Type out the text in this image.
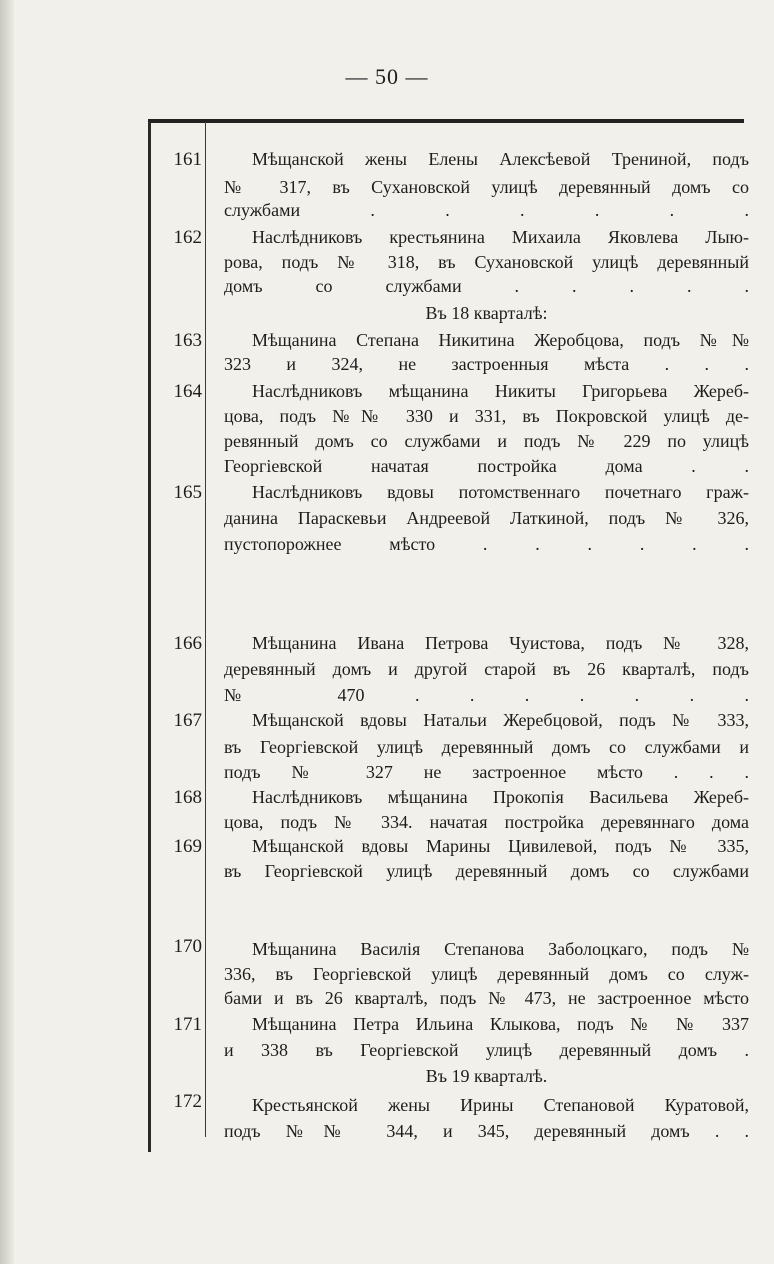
— 50 —
161	Мѣщанской жены Елены Алексѣевой Трениной, подъ
№ 317, въ Сухановской улицѣ деревянный домъ со
службами . . . . . .
162	Наслѣдниковъ крестьянина Михаила Яковлева Лыю-
рова, подъ № 318, въ Сухановской улицѣ деревянный
домъ со службами . . . . .
Въ 18 кварталѣ:
163	Мѣщанина Степана Никитина Жеробцова, подъ №№
323 и 324, не застроенныя мѣста . . .
164	Наслѣдниковъ мѣщанина Никиты Григорьева Жереб-
цова, подъ №№ 330 и 331, въ Покровской улицѣ де-
ревянный домъ со службами и подъ № 229 по улицѣ
Георгіевской начатая постройка дома . .
165	Наслѣдниковъ вдовы потомственнаго почетнаго граж-
данина Параскевьи Андреевой Латкиной, подъ № 326,
пустопорожнее мѣсто . . . . . .
166	Мѣщанина Ивана Петрова Чуистова, подъ № 328,
деревянный домъ и другой старой въ 26 кварталѣ, подъ
№ 470 . . . . . . .
167	Мѣщанской вдовы Натальи Жеребцовой, подъ № 333,
въ Георгіевской улицѣ деревянный домъ со службами и
подъ № 327 не застроенное мѣсто . . .
168	Наслѣдниковъ мѣщанина Прокопія Васильева Жереб-
цова, подъ № 334. начатая постройка деревяннаго дома
169	Мѣщанской вдовы Марины Цивилевой, подъ № 335,
въ Георгіевской улицѣ деревянный домъ со службами
170	Мѣщанина Василія Степанова Заболоцкаго, подъ №
336, въ Георгіевской улицѣ деревянный домъ со служ-
бами и въ 26 кварталѣ, подъ № 473, не застроенное мѣсто
171	Мѣщанина Петра Ильина Клыкова, подъ № № 337
и 338 въ Георгіевской улицѣ деревянный домъ .
Въ 19 кварталѣ.
172	Крестьянской жены Ирины Степановой Куратовой,
подъ №№ 344, и 345, деревянный домъ . .
